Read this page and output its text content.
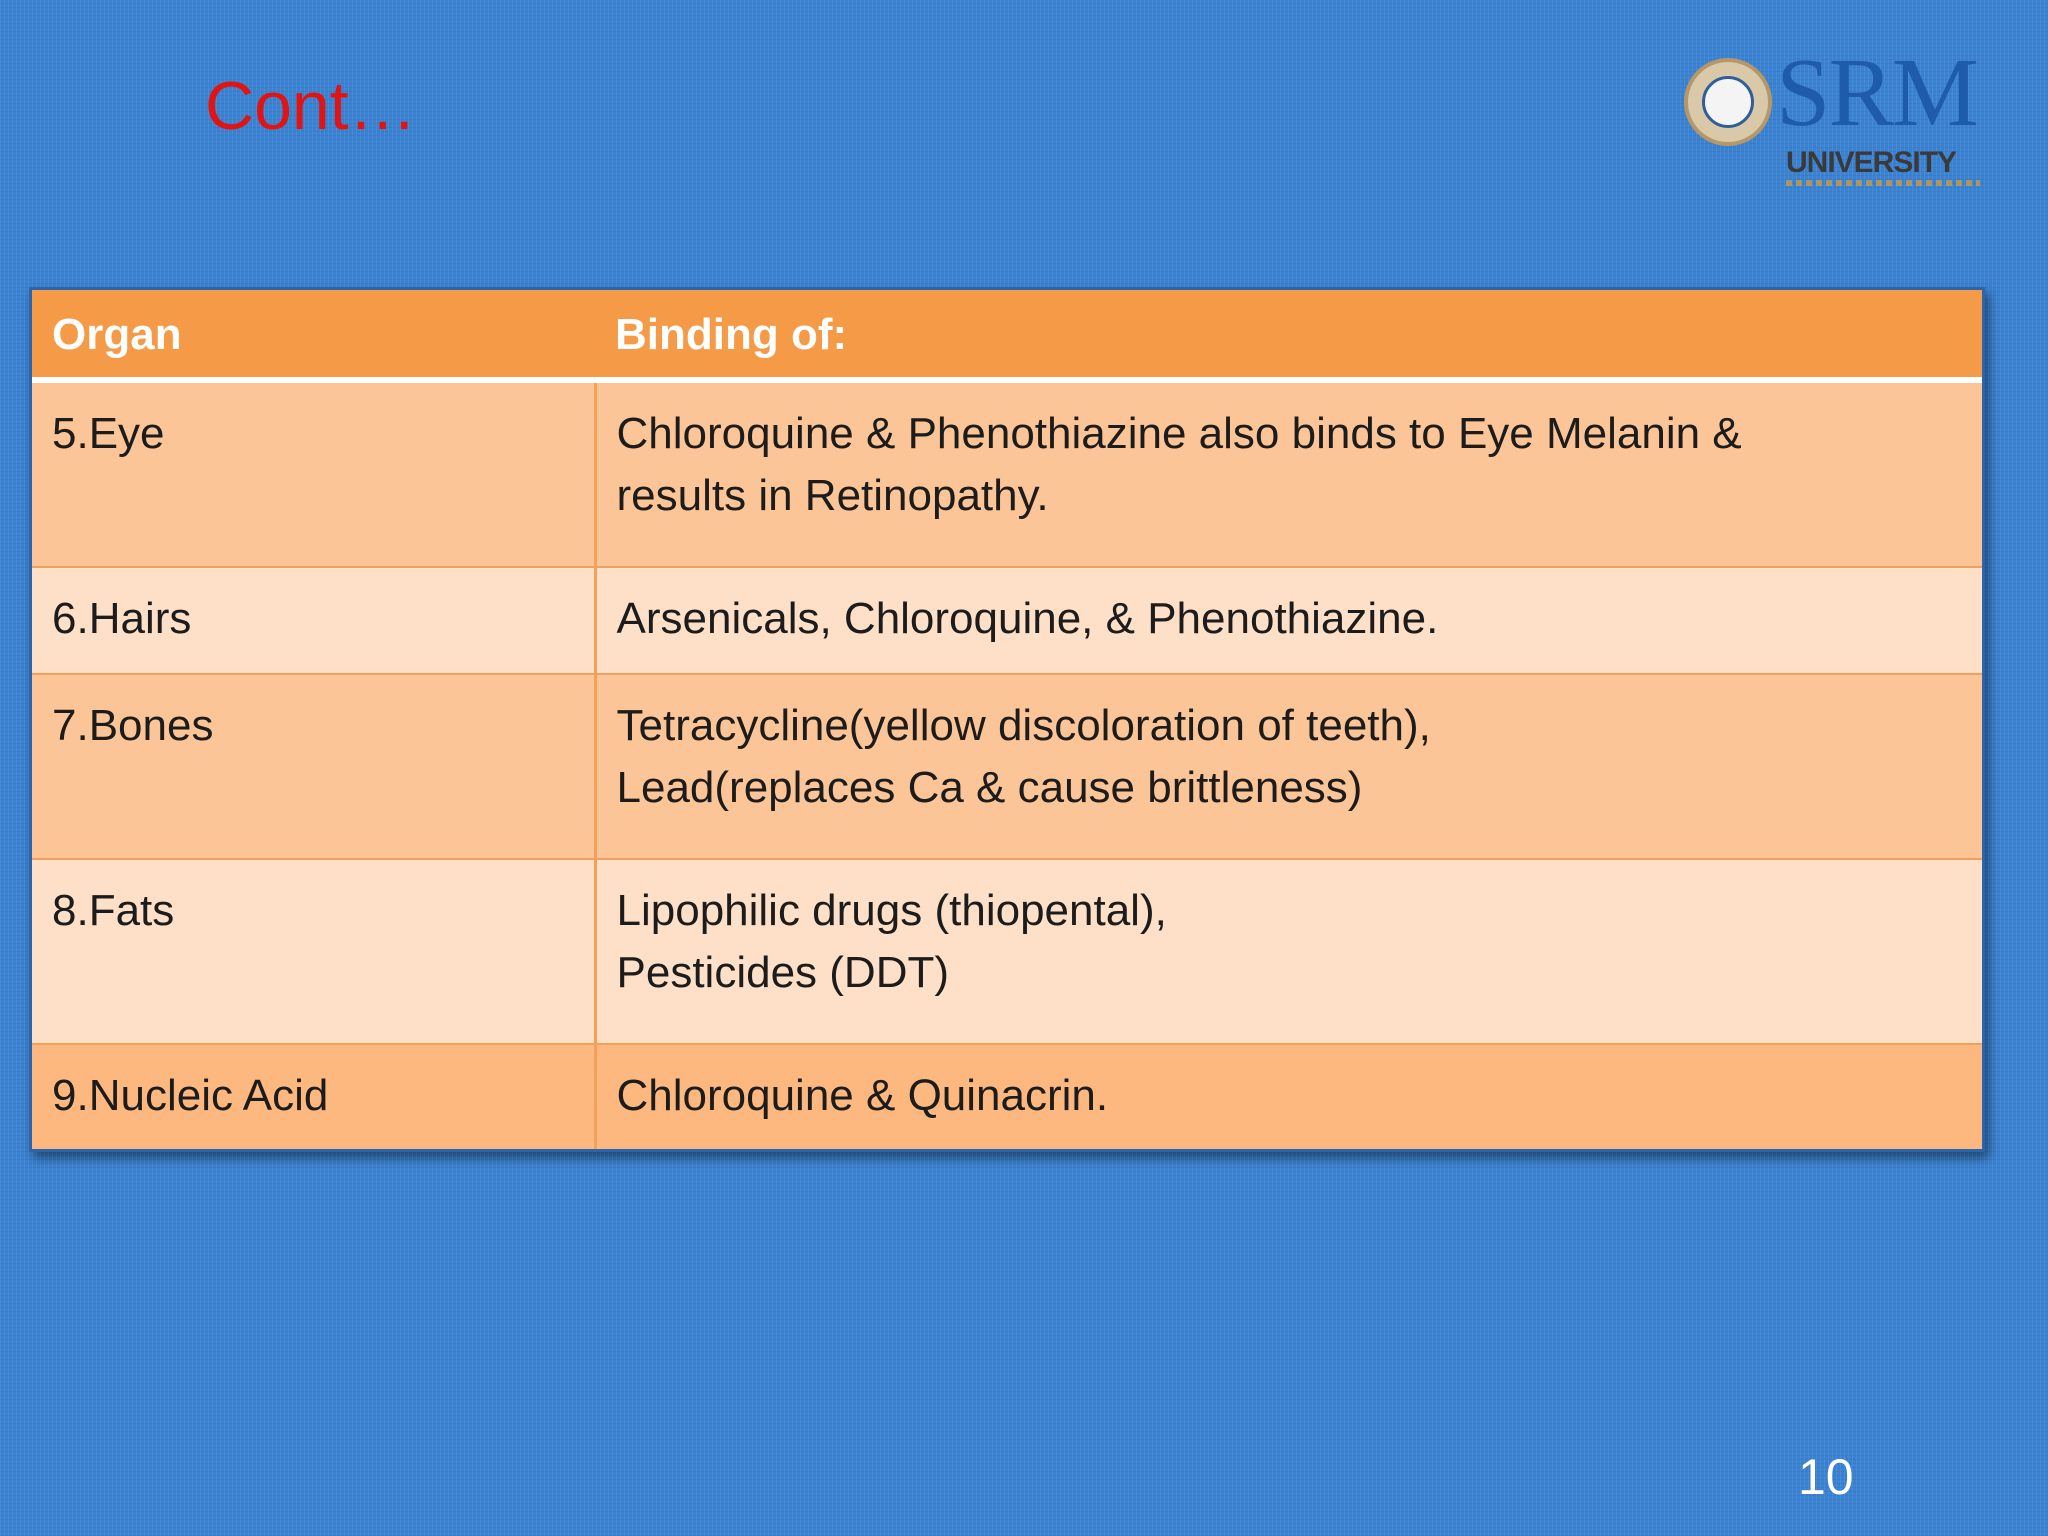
Cont…	SRM
UNIVERSITY
Organ	Binding of:
5.Eye	Chloroquine & Phenothiazine also binds to Eye Melanin &
results in Retinopathy.

6.Hairs	Arsenicals, Chloroquine, & Phenothiazine.

7.Bones	Tetracycline(yellow discoloration of teeth),
Lead(replaces Ca & cause brittleness)

8.Fats	Lipophilic drugs (thiopental),
Pesticides (DDT)

9.Nucleic Acid	Chloroquine & Quinacrin.
10
